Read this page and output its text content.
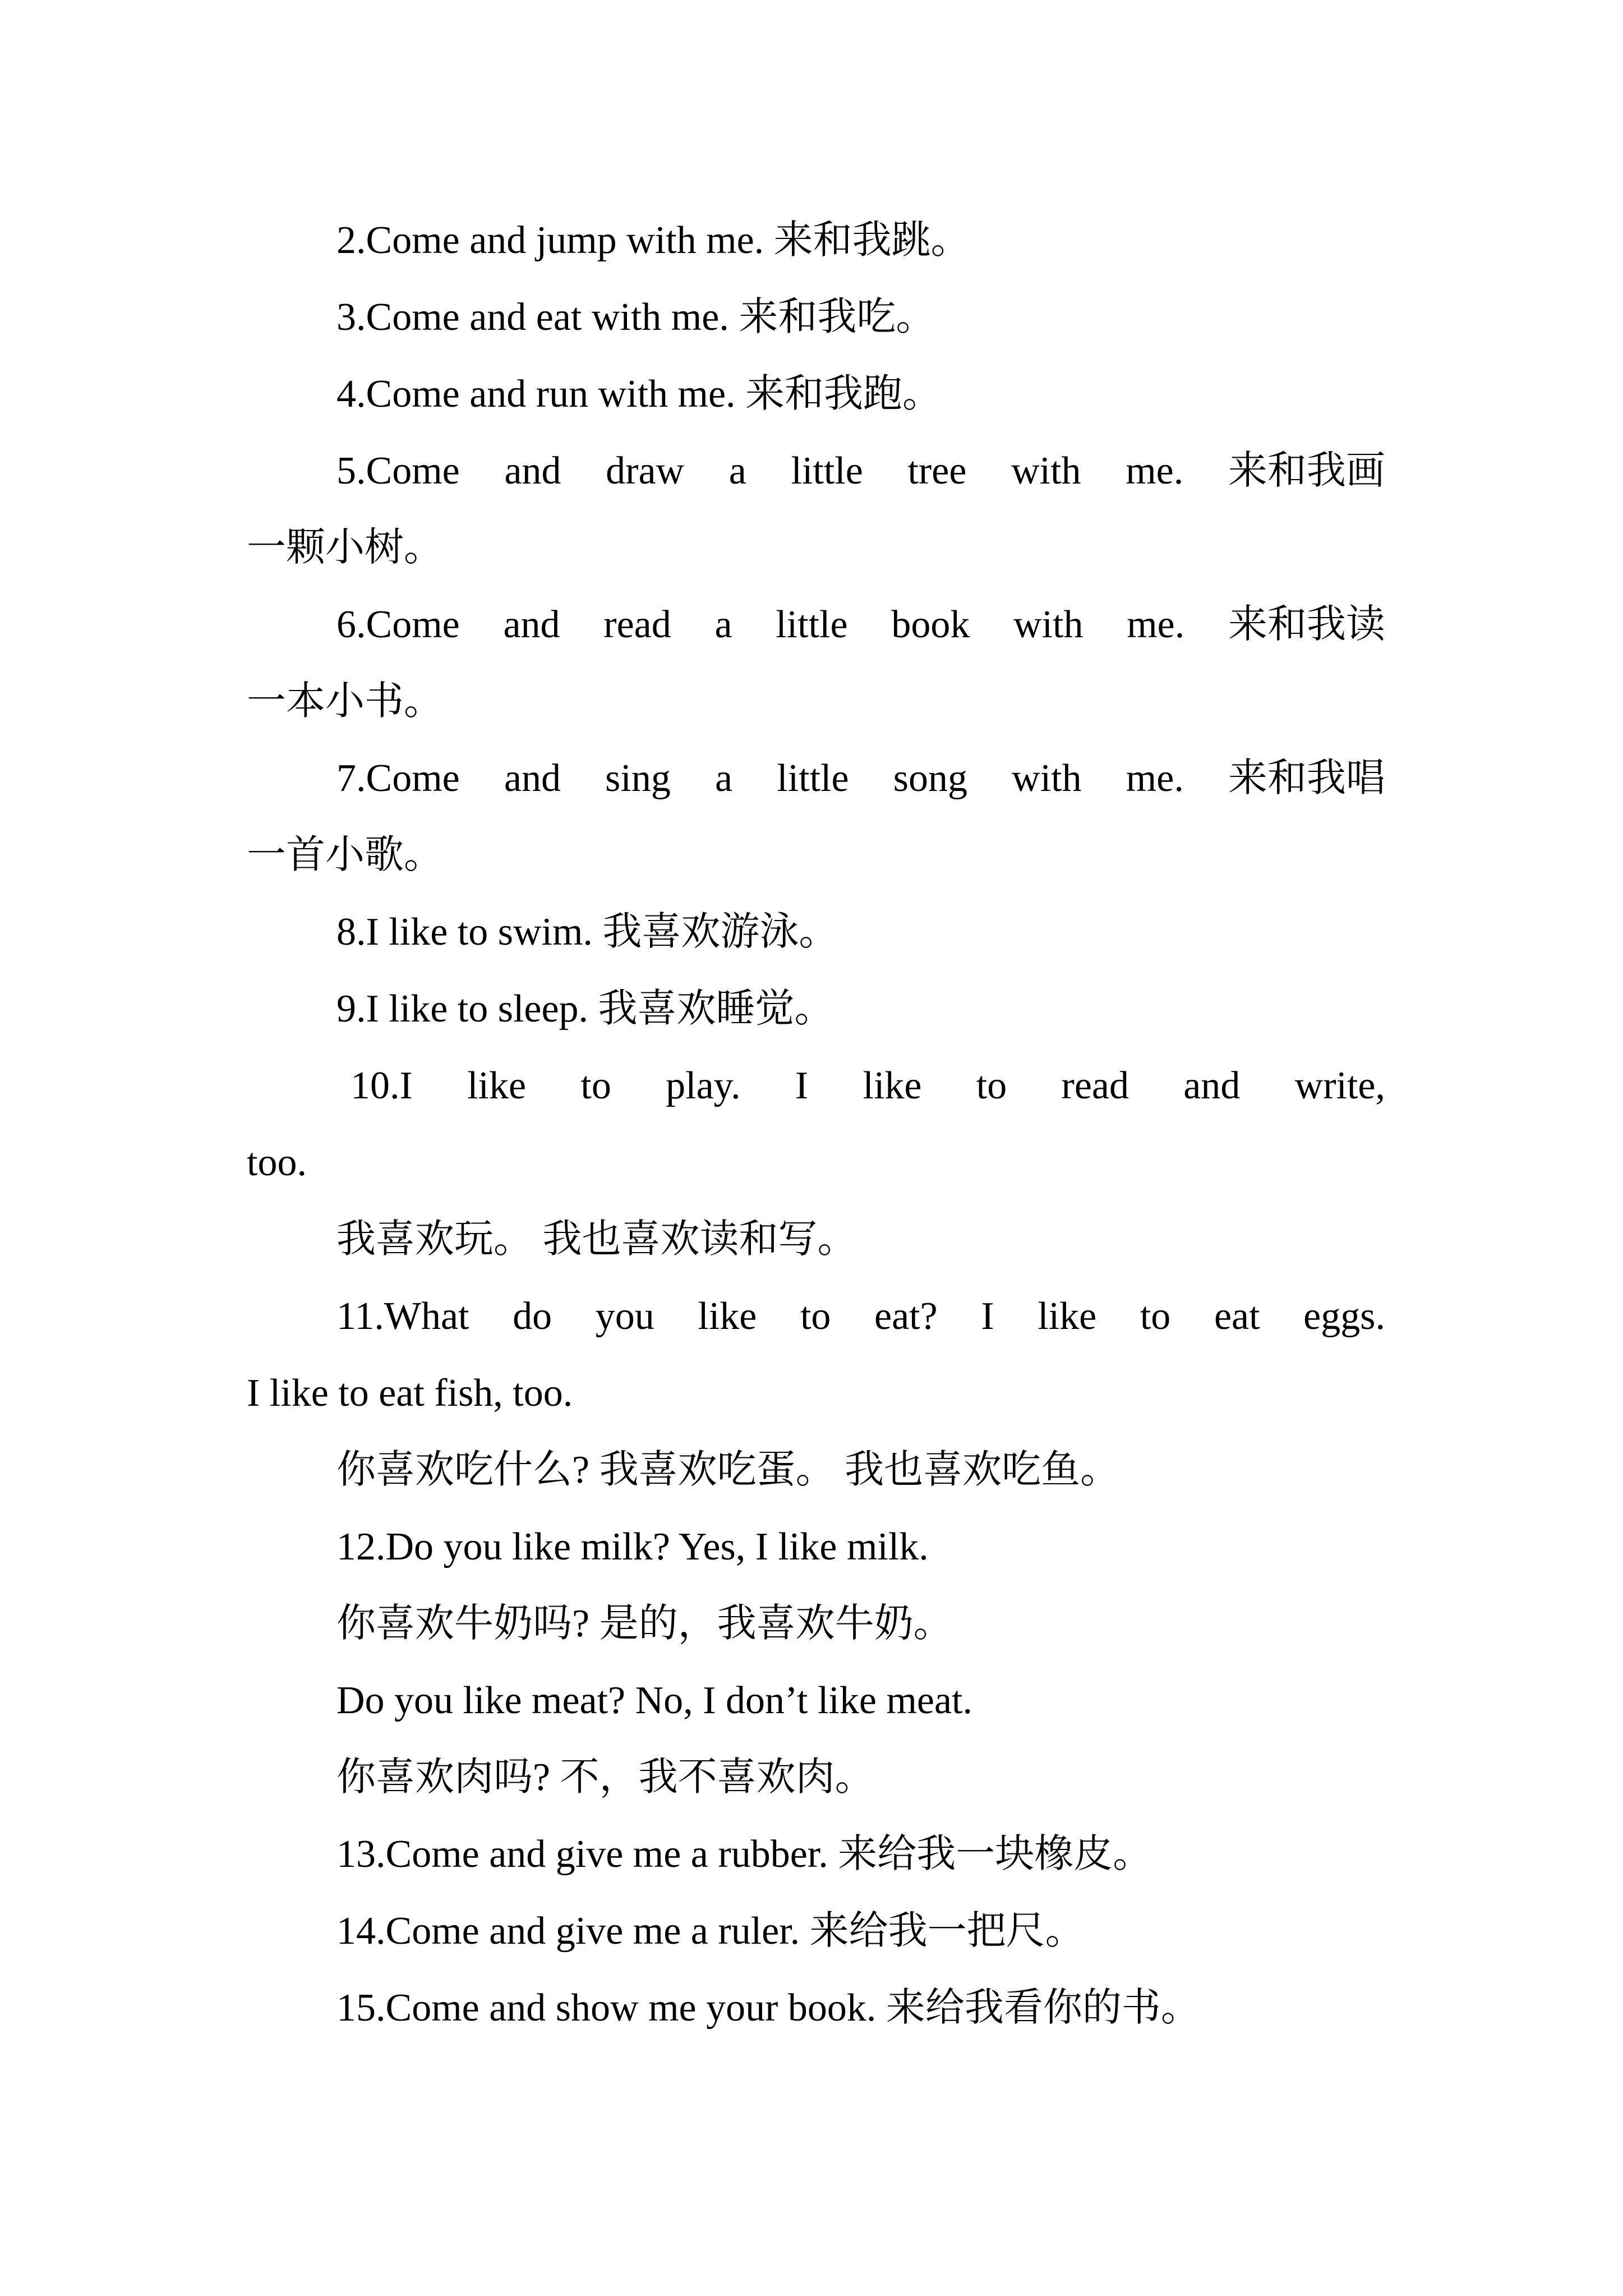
2.Come and jump with me. 来和我跳。
3.Come and eat with me. 来和我吃。
4.Come and run with me. 来和我跑。
5.Come and draw a little tree with me. 来和我画
一颗小树。
6.Come and read a little book with me. 来和我读
一本小书。
7.Come and sing a little song with me. 来和我唱
一首小歌。
8.I like to swim. 我喜欢游泳。
9.I like to sleep. 我喜欢睡觉。
10.I like to play. I like to read and write,
too.
我喜欢玩。 我也喜欢读和写。
11.What do you like to eat? I like to eat eggs.
I like to eat fish, too.
你喜欢吃什么? 我喜欢吃蛋。 我也喜欢吃鱼。
12.Do you like milk? Yes, I like milk.
你喜欢牛奶吗? 是的，我喜欢牛奶。
Do you like meat? No, I don’t like meat.
你喜欢肉吗? 不，我不喜欢肉。
13.Come and give me a rubber. 来给我一块橡皮。
14.Come and give me a ruler. 来给我一把尺。
15.Come and show me your book. 来给我看你的书。
